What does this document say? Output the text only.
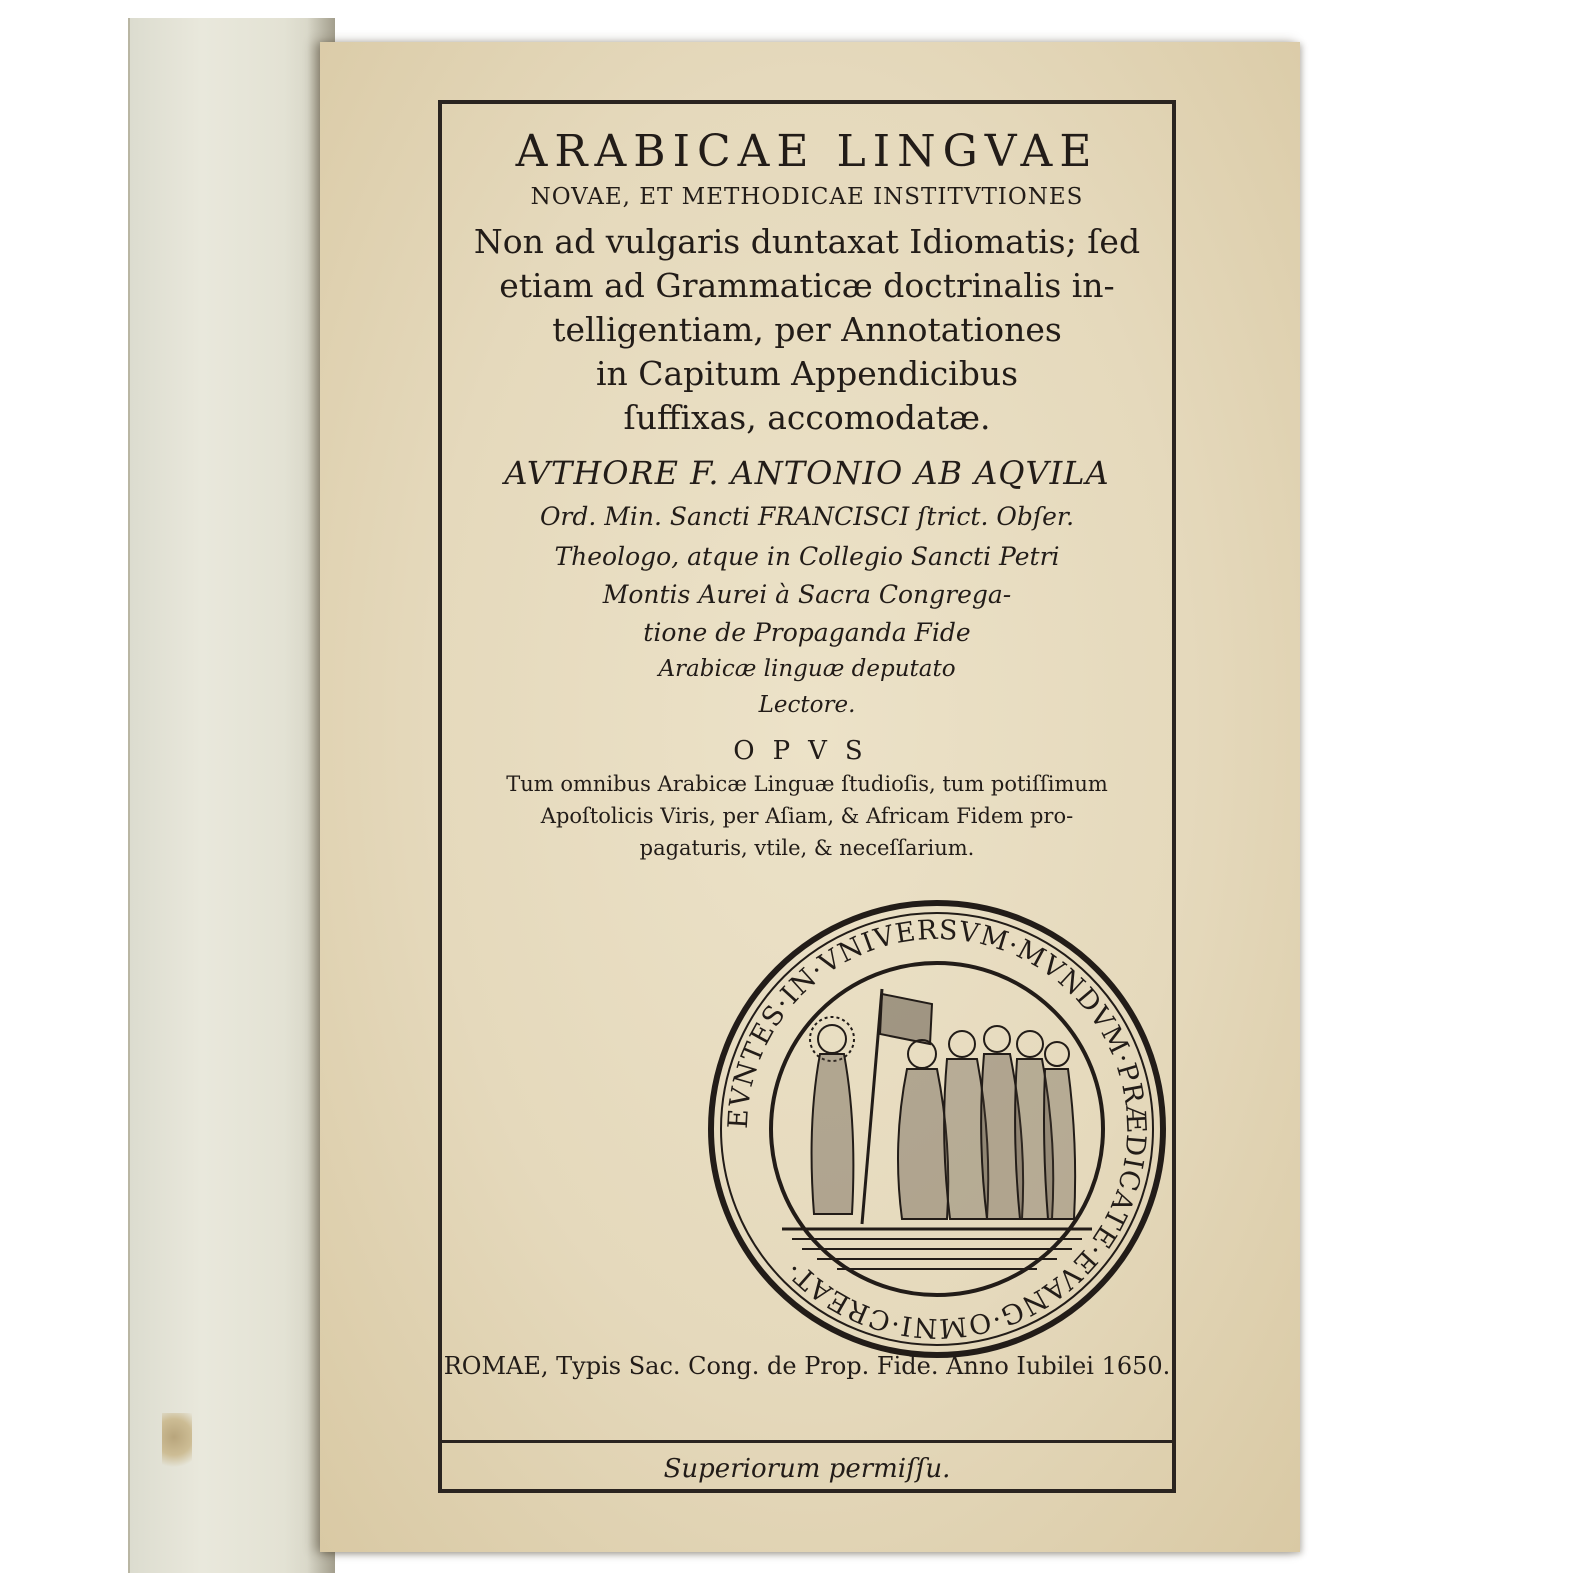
ARABICAE LINGVAE
NOVAE, ET METHODICAE INSTITVTIONES
Non ad vulgaris duntaxat Idiomatis; ſed
etiam ad Grammaticæ doctrinalis in-
telligentiam, per Annotationes
in Capitum Appendicibus
ſuffixas, accomodatæ.
AVTHORE F. ANTONIO AB AQVILA
Ord. Min. Sancti FRANCISCI ſtrict. Obſer.
Theologo, atque in Collegio Sancti Petri
Montis Aurei à Sacra Congrega-
tione de Propaganda Fide
Arabicæ linguæ deputato
Lectore.
OPVS
Tum omnibus Arabicæ Linguæ ſtudioſis, tum potiſſimum
Apoſtolicis Viris, per Aſiam, & Africam Fidem pro-
pagaturis, vtile, & neceſſarium.
EVNTES·IN·VNIVERSVM·MVNDVM·PRÆDICATE·EVANG·OMNI·CREAT·
ROMAE, Typis Sac. Cong. de Prop. Fide. Anno Iubilei 1650.
Superiorum permiſſu.
